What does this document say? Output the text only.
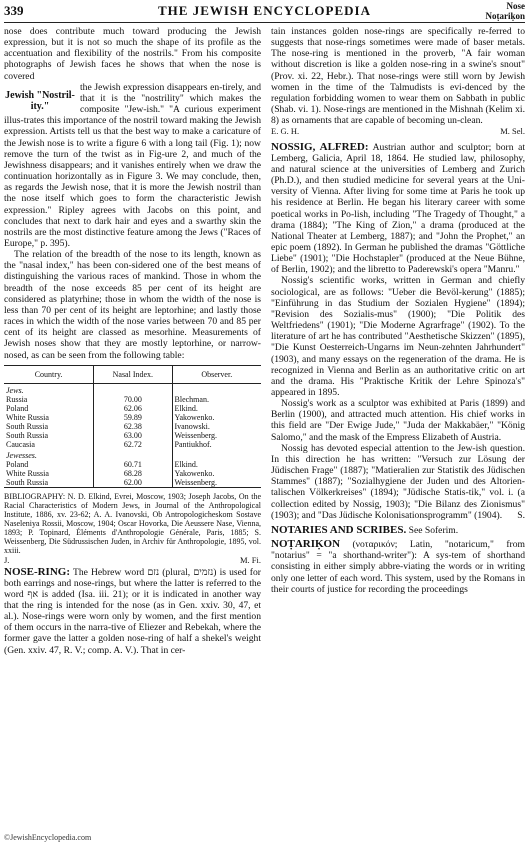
339	THE JEWISH ENCYCLOPEDIA	Nose
Noṭariḳon

nose does contribute much toward producing the Jewish expression, but it is not so much the shape of its profile as the accentuation and flexibility of the nostrils." From his composite photographs of Jewish faces he shows that when the nose is covered

Jewish "Nostril-ity."

the Jewish expression disappears en-tirely, and that it is the "nostrility" which makes the composite "Jew-ish." "A curious experiment illus-trates this importance of the nostril toward making the Jewish expression. Artists tell us that the best way to make a caricature of the Jewish nose is to write a figure 6 with a long tail (Fig. 1); now remove the turn of the twist as in Fig-ure 2, and much of the Jewishness disappears; and it vanishes entirely when we draw the continuation horizontally as in Figure 3. We may conclude, then, as regards the Jewish nose, that it is more the Jewish nostril than the nose itself which goes to form the characteristic Jewish expression." Ripley agrees with Jacobs on this point, and concludes that next to dark hair and eyes and a swarthy skin the nostrils are the most distinctive feature among the Jews ("Races of Europe," p. 395).

The relation of the breadth of the nose to its length, known as the "nasal index," has been con-sidered one of the best means of distinguishing the various races of mankind. Those in whom the breadth of the nose exceeds 85 per cent of its height are considered as platyrhine; those in whom the width of the nose is less than 70 per cent of its height are leptorhine; and lastly those races in which the width of the nose varies between 70 and 85 per cent of its height are classed as mesorhine. Measurements of Jewish noses show that they are mostly leptorhine, or narrow-nosed, as can be seen from the following table:

Country.	Nasal Index.	Observer.
Jews.		
Russia	70.00	Blechman.
Poland	62.06	Elkind.
White Russia	59.89	Yakowenko.
South Russia	62.38	Ivanowski.
South Russia	63.00	Weissenberg.
Caucasia	62.72	Pantiukhof.
Jewesses.		
Poland	60.71	Elkind.
White Russia	68.28	Yakowenko.
South Russia	62.00	Weissenberg.
BIBLIOGRAPHY: N. D. Elkind, Evrei, Moscow, 1903; Joseph Jacobs, On the Racial Characteristics of Modern Jews, in Journal of the Anthropological Institute, 1886, xv. 23-62; A. A. Ivanovski, Ob Antropologicheskom Sostave Naseleniya Rossii, Moscow, 1904; Oscar Hovorka, Die Aeussere Nase, Vienna, 1893; P. Topinard, Éléments d'Anthropologie Générale, Paris, 1885; S. Weissenberg, Die Südrussischen Juden, in Archiv für Anthropologie, 1895, vol. xxiii.
J.	M. Fi.

NOSE-RING: The Hebrew word נזם (plural, נזמים) is used for both earrings and nose-rings, but where the latter is referred to the word אף is added (Isa. iii. 21); or it is indicated in another way that the ring is intended for the nose (as in Gen. xxiv. 30, 47, et al.). Nose-rings were worn only by women, and the first mention of them occurs in the narra-tive of Eliezer and Rebekah, where the former gave the latter a golden nose-ring of half a shekel's weight (Gen. xxiv. 47, R. V.; comp. A. V.). That in cer-

tain instances golden nose-rings are specifically re-ferred to suggests that nose-rings sometimes were made of baser metals. The nose-ring is mentioned in the proverb, "A fair woman without discretion is like a golden nose-ring in a swine's snout" (Prov. xi. 22, Hebr.). That nose-rings were still worn by Jewish women in the time of the Talmudists is evi-denced by the regulation forbidding women to wear them on Sabbath in public (Shab. vi. 1). Nose-rings are mentioned in the Mishnah (Kelim xi. 8) as ornaments that are capable of becoming un-clean.

E. G. H.	M. Sel.

NOSSIG, ALFRED: Austrian author and sculptor; born at Lemberg, Galicia, April 18, 1864. He studied law, philosophy, and natural science at the universities of Lemberg and Zurich (Ph.D.), and then studied medicine for several years at the Uni-versity of Vienna. After living for some time at Paris he took up his residence at Berlin. He began his literary career with some poetical works in Po-lish, including "The Tragedy of Thought," a drama (1884); "The King of Zion," a drama (produced at the National Theater at Lemberg, 1887); and "John the Prophet," an epic poem (1892). In German he published the dramas "Göttliche Liebe" (1901); "Die Hochstapler" (produced at the Neue Bühne, of Berlin, 1902); and the libretto to Paderewski's opera "Manru."

Nossig's scientific works, written in German and chiefly sociological, are as follows: "Ueber die Bevöl-kerung" (1885); "Einführung in das Studium der Sozialen Hygiene" (1894); "Revision des Sozialis-mus" (1900); "Die Politik des Weltfriedens" (1901); "Die Moderne Agrarfrage" (1902). To the literature of art he has contributed "Aesthetische Skizzen" (1895), "Die Kunst Oesterreich-Ungarns im Neun-zehnten Jahrhundert" (1903), and many essays on the regeneration of the drama. He is recognized in Vienna and Berlin as an authoritative critic on art and the drama. His "Praktische Kritik der Lehre Spinoza's" appeared in 1895.

Nossig's work as a sculptor was exhibited at Paris (1899) and Berlin (1900), and attracted much attention. His chief works in this field are "Der Ewige Jude," "Juda der Makkabäer," "König Salomo," and the mask of the Empress Elizabeth of Austria.

Nossig has devoted especial attention to the Jew-ish question. In this direction he has written: "Versuch zur Lösung der Jüdischen Frage" (1887); "Matieralien zur Statistik des Jüdischen Stammes" (1887); "Sozialhygiene der Juden und des Altorien-talischen Völkerkreises" (1894); "Jüdische Statis-tik," vol. i. (a collection edited by Nossig, 1903); "Die Bilanz des Zionismus" (1903); and "Das Jüdische Kolonisationsprogramm" (1904).	S.

NOTARIES AND SCRIBES. See Soferim.

NOṬARIḲON (νοταρικόν; Latin, "notaricum," from "notarius" = "a shorthand-writer"): A sys-tem of shorthand consisting in either simply abbre-viating the words or in writing only one letter of each word. This system, used by the Romans in their courts of justice for recording the proceedings

©JewishEncyclopedia.com
